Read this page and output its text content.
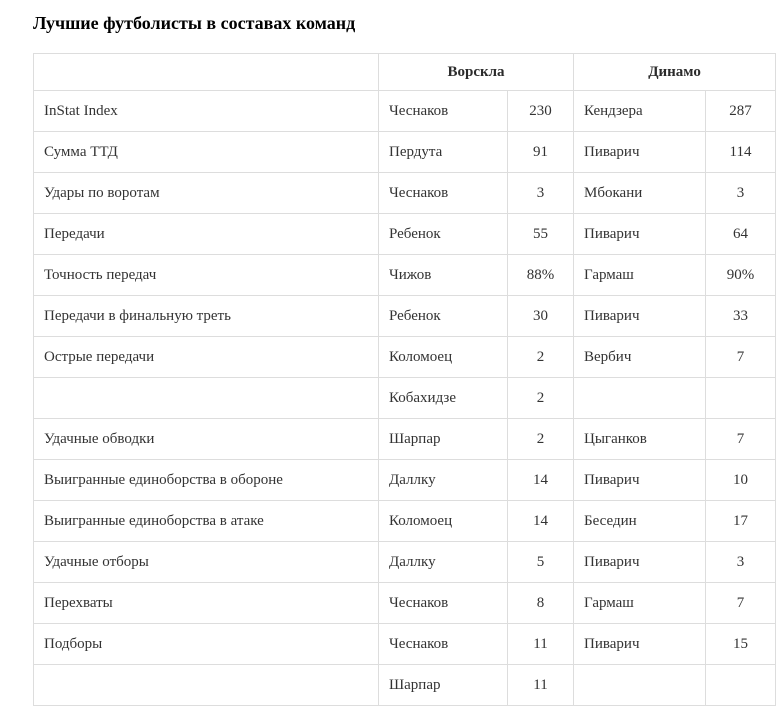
Лучшие футболисты в составах команд
	Ворскла		Динамо	
InStat Index	Чеснаков	230	Кендзера	287
Сумма ТТД	Пердута	91	Пиварич	114
Удары по воротам	Чеснаков	3	Мбокани	3
Передачи	Ребенок	55	Пиварич	64
Точность передач	Чижов	88%	Гармаш	90%
Передачи в финальную треть	Ребенок	30	Пиварич	33
Острые передачи	Коломоец	2	Вербич	7
	Кобахидзе	2		
Удачные обводки	Шарпар	2	Цыганков	7
Выигранные единоборства в обороне	Даллку	14	Пиварич	10
Выигранные единоборства в атаке	Коломоец	14	Беседин	17
Удачные отборы	Даллку	5	Пиварич	3
Перехваты	Чеснаков	8	Гармаш	7
Подборы	Чеснаков	11	Пиварич	15
	Шарпар	11		
